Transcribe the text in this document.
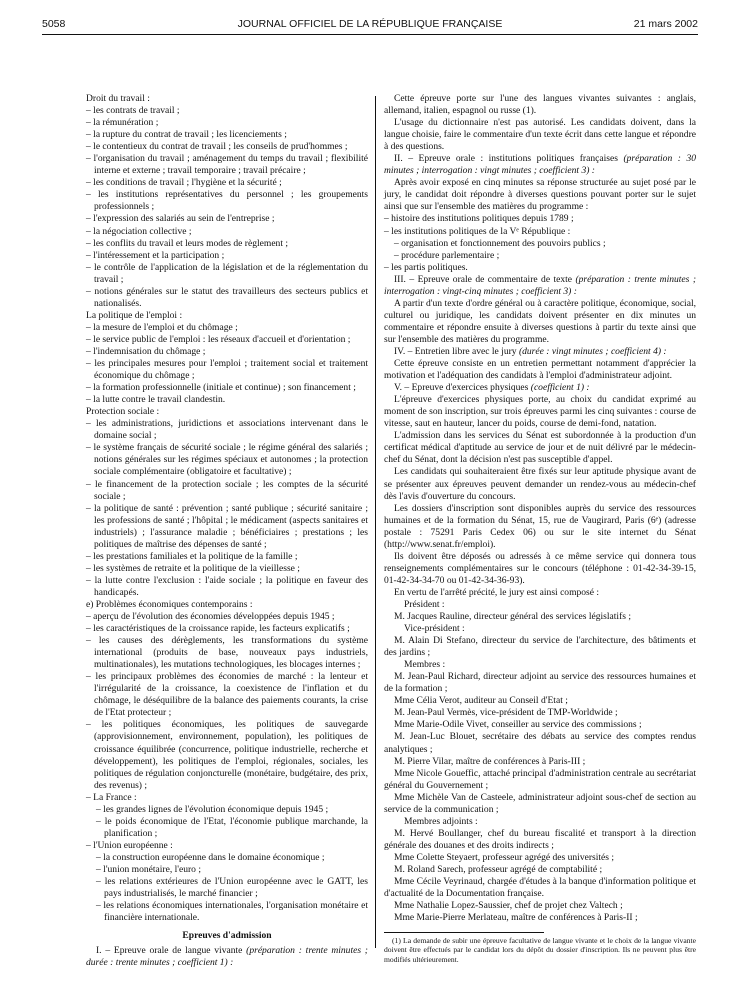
5058	JOURNAL OFFICIEL DE LA RÉPUBLIQUE FRANÇAISE	21 mars 2002

Droit du travail :

– les contrats de travail ;

– la rémunération ;

– la rupture du contrat de travail ; les licenciements ;

– le contentieux du contrat de travail ; les conseils de prud'hommes ;

– l'organisation du travail ; aménagement du temps du travail ; flexibilité interne et externe ; travail temporaire ; travail précaire ;

– les conditions de travail ; l'hygiène et la sécurité ;

– les institutions représentatives du personnel ; les groupements professionnels ;

– l'expression des salariés au sein de l'entreprise ;

– la négociation collective ;

– les conflits du travail et leurs modes de règlement ;

– l'intéressement et la participation ;

– le contrôle de l'application de la législation et de la réglementation du travail ;

– notions générales sur le statut des travailleurs des secteurs publics et nationalisés.

La politique de l'emploi :

– la mesure de l'emploi et du chômage ;

– le service public de l'emploi : les réseaux d'accueil et d'orientation ;

– l'indemnisation du chômage ;

– les principales mesures pour l'emploi ; traitement social et traitement économique du chômage ;

– la formation professionnelle (initiale et continue) ; son financement ;

– la lutte contre le travail clandestin.

Protection sociale :

– les administrations, juridictions et associations intervenant dans le domaine social ;

– le système français de sécurité sociale ; le régime général des salariés ; notions générales sur les régimes spéciaux et autonomes ; la protection sociale complémentaire (obligatoire et facultative) ;

– le financement de la protection sociale ; les comptes de la sécurité sociale ;

– la politique de santé : prévention ; santé publique ; sécurité sanitaire ; les professions de santé ; l'hôpital ; le médicament (aspects sanitaires et industriels) ; l'assurance maladie ; bénéficiaires ; prestations ; les politiques de maîtrise des dépenses de santé ;

– les prestations familiales et la politique de la famille ;

– les systèmes de retraite et la politique de la vieillesse ;

– la lutte contre l'exclusion : l'aide sociale ; la politique en faveur des handicapés.

e) Problèmes économiques contemporains :

– aperçu de l'évolution des économies développées depuis 1945 ;

– les caractéristiques de la croissance rapide, les facteurs explicatifs ;

– les causes des dérèglements, les transformations du système international (produits de base, nouveaux pays industriels, multinationales), les mutations technologiques, les blocages internes ;

– les principaux problèmes des économies de marché : la lenteur et l'irrégularité de la croissance, la coexistence de l'inflation et du chômage, le déséquilibre de la balance des paiements courants, la crise de l'Etat protecteur ;

– les politiques économiques, les politiques de sauvegarde (approvisionnement, environnement, population), les politiques de croissance équilibrée (concurrence, politique industrielle, recherche et développement), les politiques de l'emploi, régionales, sociales, les politiques de régulation conjoncturelle (monétaire, budgétaire, des prix, des revenus) ;

– La France :

– les grandes lignes de l'évolution économique depuis 1945 ;

– le poids économique de l'Etat, l'économie publique marchande, la planification ;

– l'Union européenne :

– la construction européenne dans le domaine économique ;

– l'union monétaire, l'euro ;

– les relations extérieures de l'Union européenne avec le GATT, les pays industrialisés, le marché financier ;

– les relations économiques internationales, l'organisation monétaire et financière internationale.

Epreuves d'admission

I. – Epreuve orale de langue vivante (préparation : trente minutes ; durée : trente minutes ; coefficient 1) :

Cette épreuve porte sur l'une des langues vivantes suivantes : anglais, allemand, italien, espagnol ou russe (1).

L'usage du dictionnaire n'est pas autorisé. Les candidats doivent, dans la langue choisie, faire le commentaire d'un texte écrit dans cette langue et répondre à des questions.

II. – Epreuve orale : institutions politiques françaises (préparation : 30 minutes ; interrogation : vingt minutes ; coefficient 3) :

Après avoir exposé en cinq minutes sa réponse structurée au sujet posé par le jury, le candidat doit répondre à diverses questions pouvant porter sur le sujet ainsi que sur l'ensemble des matières du programme :

– histoire des institutions politiques depuis 1789 ;

– les institutions politiques de la Vᵉ République :

– organisation et fonctionnement des pouvoirs publics ;

– procédure parlementaire ;

– les partis politiques.

III. – Epreuve orale de commentaire de texte (préparation : trente minutes ; interrogation : vingt-cinq minutes ; coefficient 3) :

A partir d'un texte d'ordre général ou à caractère politique, économique, social, culturel ou juridique, les candidats doivent présenter en dix minutes un commentaire et répondre ensuite à diverses questions à partir du texte ainsi que sur l'ensemble des matières du programme.

IV. – Entretien libre avec le jury (durée : vingt minutes ; coefficient 4) :

Cette épreuve consiste en un entretien permettant notamment d'apprécier la motivation et l'adéquation des candidats à l'emploi d'administrateur adjoint.

V. – Epreuve d'exercices physiques (coefficient 1) :

L'épreuve d'exercices physiques porte, au choix du candidat exprimé au moment de son inscription, sur trois épreuves parmi les cinq suivantes : course de vitesse, saut en hauteur, lancer du poids, course de demi-fond, natation.

L'admission dans les services du Sénat est subordonnée à la production d'un certificat médical d'aptitude au service de jour et de nuit délivré par le médecin-chef du Sénat, dont la décision n'est pas susceptible d'appel.

Les candidats qui souhaiteraient être fixés sur leur aptitude physique avant de se présenter aux épreuves peuvent demander un rendez-vous au médecin-chef dès l'avis d'ouverture du concours.

Les dossiers d'inscription sont disponibles auprès du service des ressources humaines et de la formation du Sénat, 15, rue de Vaugirard, Paris (6ᵉ) (adresse postale : 75291 Paris Cedex 06) ou sur le site internet du Sénat (http://www.senat.fr/emploi).

Ils doivent être déposés ou adressés à ce même service qui donnera tous renseignements complémentaires sur le concours (téléphone : 01-42-34-39-15, 01-42-34-34-70 ou 01-42-34-36-93).

En vertu de l'arrêté précité, le jury est ainsi composé :

Président :

M. Jacques Rauline, directeur général des services législatifs ;

Vice-président :

M. Alain Di Stefano, directeur du service de l'architecture, des bâtiments et des jardins ;

Membres :

M. Jean-Paul Richard, directeur adjoint au service des ressources humaines et de la formation ;

Mme Célia Verot, auditeur au Conseil d'Etat ;

M. Jean-Paul Vermès, vice-président de TMP-Worldwide ;

Mme Marie-Odile Vivet, conseiller au service des commissions ;

M. Jean-Luc Blouet, secrétaire des débats au service des comptes rendus analytiques ;

M. Pierre Vilar, maître de conférences à Paris-III ;

Mme Nicole Goueffic, attaché principal d'administration centrale au secrétariat général du Gouvernement ;

Mme Michèle Van de Casteele, administrateur adjoint sous-chef de section au service de la communication ;

Membres adjoints :

M. Hervé Boullanger, chef du bureau fiscalité et transport à la direction générale des douanes et des droits indirects ;

Mme Colette Steyaert, professeur agrégé des universités ;

M. Roland Sarech, professeur agrégé de comptabilité ;

Mme Cécile Veyrinaud, chargée d'études à la banque d'information politique et d'actualité de la Documentation française.

Mme Nathalie Lopez-Saussier, chef de projet chez Valtech ;

Mme Marie-Pierre Merlateau, maître de conférences à Paris-II ;

(1) La demande de subir une épreuve facultative de langue vivante et le choix de la langue vivante doivent être effectués par le candidat lors du dépôt du dossier d'inscription. Ils ne peuvent plus être modifiés ultérieurement.
